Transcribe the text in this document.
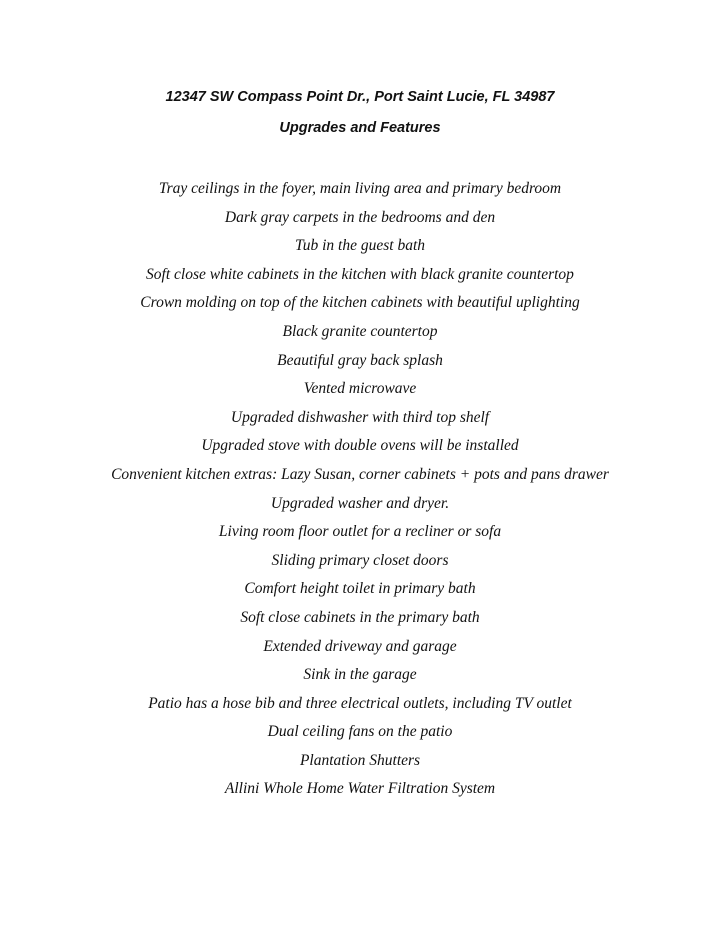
12347 SW Compass Point Dr., Port Saint Lucie, FL 34987
Upgrades and Features
Tray ceilings in the foyer, main living area and primary bedroom
Dark gray carpets in the bedrooms and den
Tub in the guest bath
Soft close white cabinets in the kitchen with black granite countertop
Crown molding on top of the kitchen cabinets with beautiful uplighting
Black granite countertop
Beautiful gray back splash
Vented microwave
Upgraded dishwasher with third top shelf
Upgraded stove with double ovens will be installed
Convenient kitchen extras: Lazy Susan, corner cabinets + pots and pans drawer
Upgraded washer and dryer.
Living room floor outlet for a recliner or sofa
Sliding primary closet doors
Comfort height toilet in primary bath
Soft close cabinets in the primary bath
Extended driveway and garage
Sink in the garage
Patio has a hose bib and three electrical outlets, including TV outlet
Dual ceiling fans on the patio
Plantation Shutters
Allini Whole Home Water Filtration System
